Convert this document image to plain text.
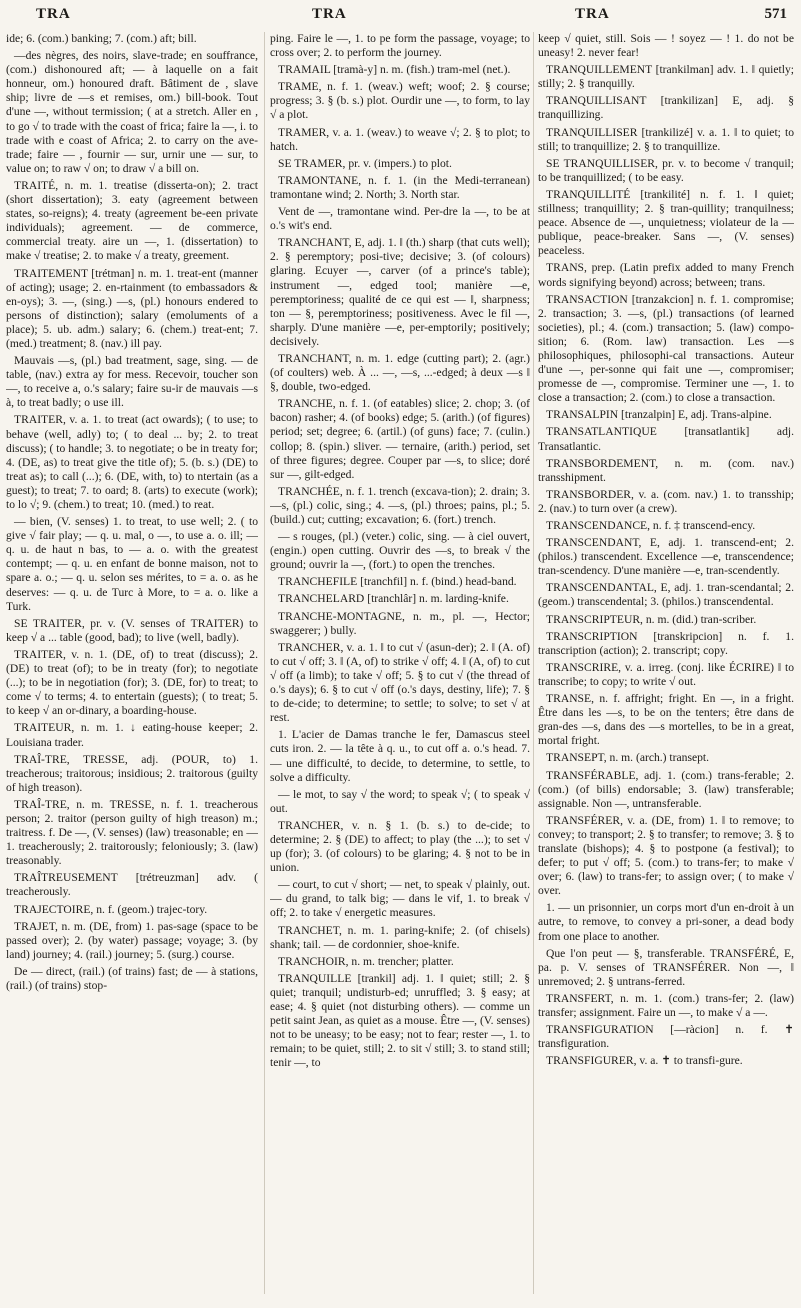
TRA	TRA	TRA	571

ide; 6. (com.) banking; 7. (com.) aft; bill.

—des nègres, des noirs, slave-trade; en souffrance, (com.) dishonoured aft; — à laquelle on a fait honneur, om.) honoured draft. Bâtiment de , slave ship; livre de —s et remises, om.) bill-book. Tout d'une —, without termission; ( at a stretch. Aller en , to go √ to trade with the coast of frica; faire la —, i. to trade with e coast of Africa; 2. to carry on the ave-trade; faire — , fournir — sur, urnir une — sur, to value on; to raw √ on; to draw √ a bill on.

TRAITÉ, n. m. 1. treatise (disserta-on); 2. tract (short dissertation); 3. eaty (agreement between states, so-reigns); 4. treaty (agreement be-een private individuals); agreement. — de commerce, commercial treaty. aire un —, 1. (dissertation) to make √ treatise; 2. to make √ a treaty, greement.

TRAITEMENT [trétman] n. m. 1. treat-ent (manner of acting); usage; 2. en-rtainment (to embassadors & en-oys); 3. —, (sing.) —s, (pl.) honours endered to persons of distinction); salary (emoluments of a place); 5. ub. adm.) salary; 6. (chem.) treat-ent; 7. (med.) treatment; 8. (nav.) ill pay.

Mauvais —s, (pl.) bad treatment, sage, sing. — de table, (nav.) extra ay for mess. Recevoir, toucher son —, to receive a, o.'s salary; faire su-ir de mauvais —s à, to treat badly; o use ill.

TRAITER, v. a. 1. to treat (act owards); ( to use; to behave (well, adly) to; ( to deal ... by; 2. to treat discuss); ( to handle; 3. to negotiate; o be in treaty for; 4. (DE, as) to treat give the title of); 5. (b. s.) (DE) to treat as); to call (...); 6. (DE, with, to) to ntertain (as a guest); to treat; 7. to oard; 8. (arts) to execute (work); to lo √; 9. (chem.) to treat; 10. (med.) to reat.

— bien, (V. senses) 1. to treat, to use well; 2. ( to give √ fair play; — q. u. mal, o —, to use a. o. ill; — q. u. de haut n bas, to — a. o. with the greatest contempt; — q. u. en enfant de bonne maison, not to spare a. o.; — q. u. selon ses mérites, to = a. o. as he deserves: — q. u. de Turc à More, to = a. o. like a Turk.

SE TRAITER, pr. v. (V. senses of TRAITER) to keep √ a ... table (good, bad); to live (well, badly).

TRAITER, v. n. 1. (DE, of) to treat (discuss); 2. (DE) to treat (of); to be in treaty (for); to negotiate (...); to be in negotiation (for); 3. (DE, for) to treat; to come √ to terms; 4. to entertain (guests); ( to treat; 5. to keep √ an or-dinary, a boarding-house.

TRAITEUR, n. m. 1. ↓ eating-house keeper; 2. Louisiana trader.

TRAÎ-TRE, TRESSE, adj. (POUR, to) 1. treacherous; traitorous; insidious; 2. traitorous (guilty of high treason).

TRAÎ-TRE, n. m. TRESSE, n. f. 1. treacherous person; 2. traitor (person guilty of high treason) m.; traitress. f. De —, (V. senses) (law) treasonable; en — 1. treacherously; 2. traitorously; feloniously; 3. (law) treasonably.

TRAÎTREUSEMENT [trétreuzman] adv. ( treacherously.

TRAJECTOIRE, n. f. (geom.) trajec-tory.

TRAJET, n. m. (DE, from) 1. pas-sage (space to be passed over); 2. (by water) passage; voyage; 3. (by land) journey; 4. (rail.) journey; 5. (surg.) course.

De — direct, (rail.) (of trains) fast; de — à stations, (rail.) (of trains) stop-

ping. Faire le —, 1. to pe form the passage, voyage; to cross over; 2. to perform the journey.

TRAMAIL [tramà-y] n. m. (fish.) tram-mel (net.).

TRAME, n. f. 1. (weav.) weft; woof; 2. § course; progress; 3. § (b. s.) plot. Ourdir une —, to form, to lay √ a plot.

TRAMER, v. a. 1. (weav.) to weave √; 2. § to plot; to hatch.

SE TRAMER, pr. v. (impers.) to plot.

TRAMONTANE, n. f. 1. (in the Medi-terranean) tramontane wind; 2. North; 3. North star.

Vent de —, tramontane wind. Per-dre la —, to be at o.'s wit's end.

TRANCHANT, E, adj. 1. ‖ (th.) sharp (that cuts well); 2. § peremptory; posi-tive; decisive; 3. (of colours) glaring. Ecuyer —, carver (of a prince's table); instrument —, edged tool; manière —e, peremptoriness; qualité de ce qui est — ‖, sharpness; ton — §, peremptoriness; positiveness. Avec le fil —, sharply. D'une manière —e, per-emptorily; positively; decisively.

TRANCHANT, n. m. 1. edge (cutting part); 2. (agr.) (of coulters) web. À ... —, —s, ...-edged; à deux —s ‖ §, double, two-edged.

TRANCHE, n. f. 1. (of eatables) slice; 2. chop; 3. (of bacon) rasher; 4. (of books) edge; 5. (arith.) (of figures) period; set; degree; 6. (artil.) (of guns) face; 7. (culin.) collop; 8. (spin.) sliver. — ternaire, (arith.) period, set of three figures; degree. Couper par —s, to slice; doré sur —, gilt-edged.

TRANCHÉE, n. f. 1. trench (excava-tion); 2. drain; 3. —s, (pl.) colic, sing.; 4. —s, (pl.) throes; pains, pl.; 5. (build.) cut; cutting; excavation; 6. (fort.) trench.

— s rouges, (pl.) (veter.) colic, sing. — à ciel ouvert, (engin.) open cutting. Ouvrir des —s, to break √ the ground; ouvrir la —, (fort.) to open the trenches.

TRANCHEFILE [tranchfil] n. f. (bind.) head-band.

TRANCHELARD [tranchlâr] n. m. larding-knife.

TRANCHE-MONTAGNE, n. m., pl. —, Hector; swaggerer; ) bully.

TRANCHER, v. a. 1. ‖ to cut √ (asun-der); 2. ‖ (A. of) to cut √ off; 3. ‖ (A, of) to strike √ off; 4. ‖ (A, of) to cut √ off (a limb); to take √ off; 5. § to cut √ (the thread of o.'s days); 6. § to cut √ off (o.'s days, destiny, life); 7. § to de-cide; to determine; to settle; to solve; to set √ at rest.

1. L'acier de Damas tranche le fer, Damascus steel cuts iron. 2. — la tête à q. u., to cut off a. o.'s head. 7. — une difficulté, to decide, to determine, to settle, to solve a difficulty.

— le mot, to say √ the word; to speak √; ( to speak √ out.

TRANCHER, v. n. § 1. (b. s.) to de-cide; to determine; 2. § (DE) to affect; to play (the ...); to set √ up (for); 3. (of colours) to be glaring; 4. § not to be in union.

— court, to cut √ short; — net, to speak √ plainly, out. — du grand, to talk big; — dans le vif, 1. to break √ off; 2. to take √ energetic measures.

TRANCHET, n. m. 1. paring-knife; 2. (of chisels) shank; tail. — de cordonnier, shoe-knife.

TRANCHOIR, n. m. trencher; platter.

TRANQUILLE [trankil] adj. 1. ‖ quiet; still; 2. § quiet; tranquil; undisturb-ed; unruffled; 3. § easy; at ease; 4. § quiet (not disturbing others). — comme un petit saint Jean, as quiet as a mouse. Être —, (V. senses) not to be uneasy; to be easy; not to fear; rester —, 1. to remain; to be quiet, still; 2. to sit √ still; 3. to stand still; tenir —, to

keep √ quiet, still. Sois — ! soyez — ! 1. do not be uneasy! 2. never fear!

TRANQUILLEMENT [trankilman] adv. 1. ‖ quietly; stilly; 2. § tranquilly.

TRANQUILLISANT [trankilizan] E, adj. § tranquillizing.

TRANQUILLISER [trankilizé] v. a. 1. ‖ to quiet; to still; to tranquillize; 2. § to tranquillize.

SE TRANQUILLISER, pr. v. to become √ tranquil; to be tranquillized; ( to be easy.

TRANQUILLITÉ [trankilité] n. f. 1. ‖ quiet; stillness; tranquillity; 2. § tran-quillity; tranquilness; peace. Absence de —, unquietness; violateur de la — publique, peace-breaker. Sans —, (V. senses) peaceless.

TRANS, prep. (Latin prefix added to many French words signifying beyond) across; between; trans.

TRANSACTION [tranzakcion] n. f. 1. compromise; 2. transaction; 3. —s, (pl.) transactions (of learned societies), pl.; 4. (com.) transaction; 5. (law) compo-sition; 6. (Rom. law) transaction. Les —s philosophiques, philosophi-cal transactions. Auteur d'une —, per-sonne qui fait une —, compromiser; promesse de —, compromise. Terminer une —, 1. to close a transaction; 2. (com.) to close a transaction.

TRANSALPIN [tranzalpin] E, adj. Trans-alpine.

TRANSATLANTIQUE [transatlantik] adj. Transatlantic.

TRANSBORDEMENT, n. m. (com. nav.) transshipment.

TRANSBORDER, v. a. (com. nav.) 1. to transship; 2. (nav.) to turn over (a crew).

TRANSCENDANCE, n. f. ‡ transcend-ency.

TRANSCENDANT, E, adj. 1. transcend-ent; 2. (philos.) transcendent. Excellence —e, transcendence; tran-scendency. D'une manière —e, tran-scendently.

TRANSCENDANTAL, E, adj. 1. tran-scendantal; 2. (geom.) transcendental; 3. (philos.) transcendental.

TRANSCRIPTEUR, n. m. (did.) tran-scriber.

TRANSCRIPTION [transkripcion] n. f. 1. transcription (action); 2. transcript; copy.

TRANSCRIRE, v. a. irreg. (conj. like ÉCRIRE) ‖ to transcribe; to copy; to write √ out.

TRANSE, n. f. affright; fright. En —, in a fright. Être dans les —s, to be on the tenters; être dans de gran-des —s, dans des —s mortelles, to be in a great, mortal fright.

TRANSEPT, n. m. (arch.) transept.

TRANSFÉRABLE, adj. 1. (com.) trans-ferable; 2. (com.) (of bills) endorsable; 3. (law) transferable; assignable. Non —, untransferable.

TRANSFÉRER, v. a. (DE, from) 1. ‖ to remove; to convey; to transport; 2. § to transfer; to remove; 3. § to translate (bishops); 4. § to postpone (a festival); to defer; to put √ off; 5. (com.) to trans-fer; to make √ over; 6. (law) to trans-fer; to assign over; ( to make √ over.

1. — un prisonnier, un corps mort d'un en-droit à un autre, to remove, to convey a pri-soner, a dead body from one place to another.

Que l'on peut — §, transferable. TRANSFÉRÉ, E, pa. p. V. senses of TRANSFÉRER. Non —, ‖ unremoved; 2. § untrans-ferred.

TRANSFERT, n. m. 1. (com.) trans-fer; 2. (law) transfer; assignment. Faire un —, to make √ a —.

TRANSFIGURATION [—ràcion] n. f. ✝ transfiguration.

TRANSFIGURER, v. a. ✝ to transfi-gure.
